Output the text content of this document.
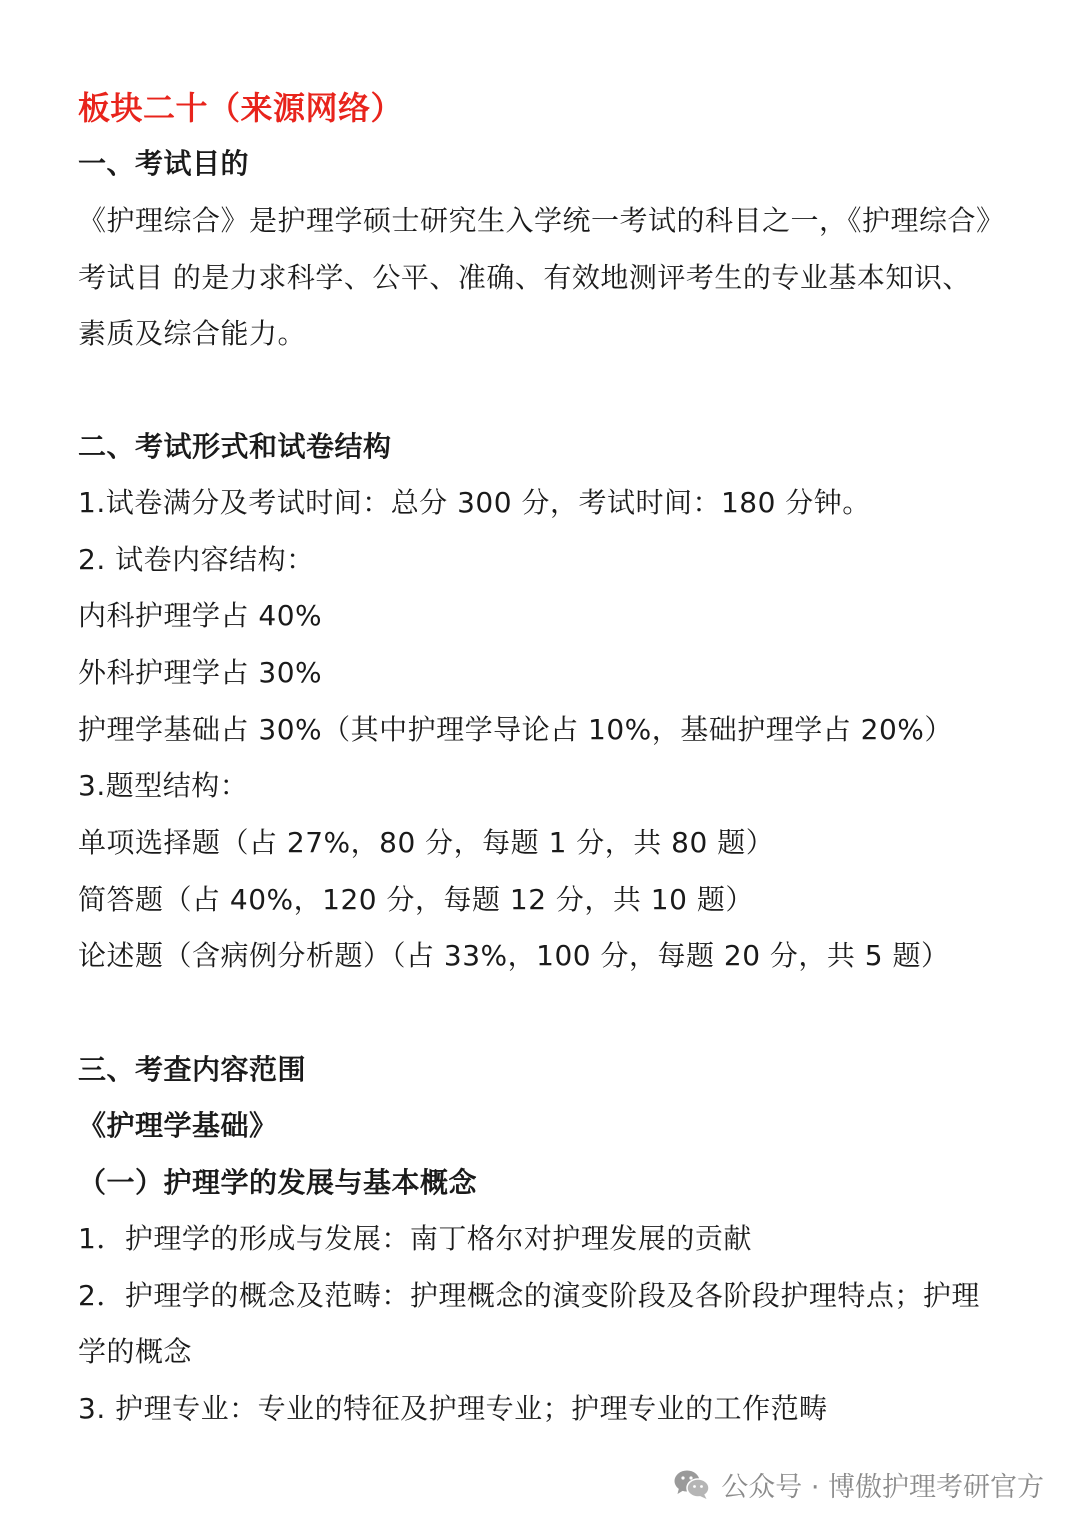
板块二十（来源网络）

一、考试目的

《护理综合》是护理学硕士研究生入学统一考试的科目之一，《护理综合》

考试目 的是力求科学、公平、准确、有效地测评考生的专业基本知识、

素质及综合能力。

二、考试形式和试卷结构

1.试卷满分及考试时间：总分 300 分，考试时间：180 分钟。

2. 试卷内容结构：

内科护理学占 40%

外科护理学占 30%

护理学基础占 30%（其中护理学导论占 10%，基础护理学占 20%）

3.题型结构：

单项选择题（占 27%，80 分，每题 1 分，共 80 题）

简答题（占 40%，120 分，每题 12 分，共 10 题）

论述题（含病例分析题）（占 33%，100 分，每题 20 分，共 5 题）

三、考查内容范围

《护理学基础》

（一）护理学的发展与基本概念

1．护理学的形成与发展：南丁格尔对护理发展的贡献

2．护理学的概念及范畴：护理概念的演变阶段及各阶段护理特点；护理

学的概念

3. 护理专业：专业的特征及护理专业；护理专业的工作范畴

公众号 · 博傲护理考研官方
